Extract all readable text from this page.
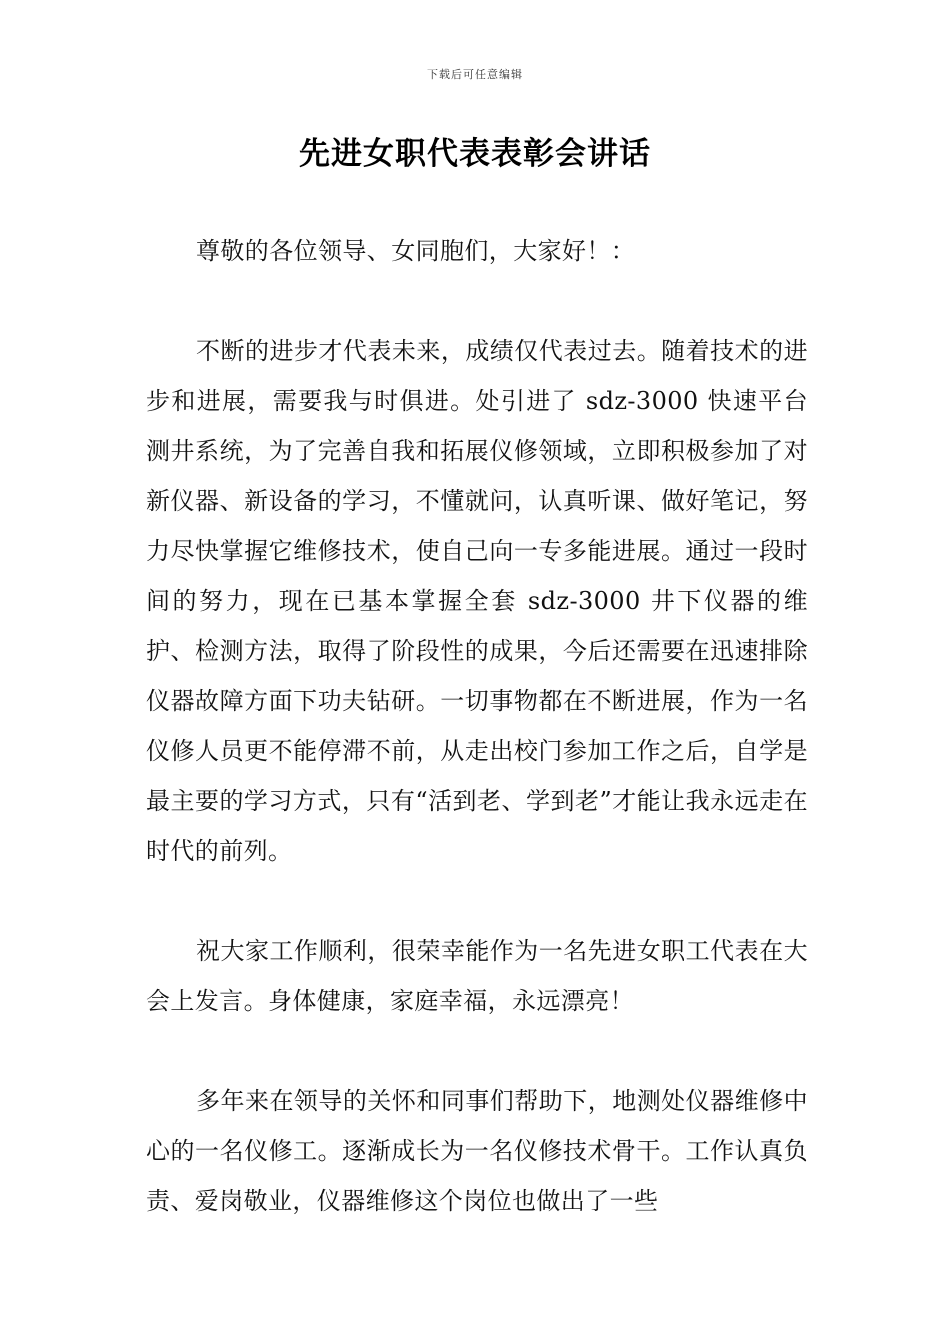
下载后可任意编辑
先进女职代表表彰会讲话

尊敬的各位领导、女同胞们，大家好！：

不断的进步才代表未来，成绩仅代表过去。随着技术的进步和进展，需要我与时俱进。处引进了 sdz-3000 快速平台测井系统，为了完善自我和拓展仪修领域，立即积极参加了对新仪器、新设备的学习，不懂就问，认真听课、做好笔记，努力尽快掌握它维修技术，使自己向一专多能进展。通过一段时间的努力，现在已基本掌握全套 sdz-3000 井下仪器的维护、检测方法，取得了阶段性的成果，今后还需要在迅速排除仪器故障方面下功夫钻研。一切事物都在不断进展，作为一名仪修人员更不能停滞不前，从走出校门参加工作之后，自学是最主要的学习方式，只有“活到老、学到老”才能让我永远走在时代的前列。

祝大家工作顺利，很荣幸能作为一名先进女职工代表在大会上发言。身体健康，家庭幸福，永远漂亮！

多年来在领导的关怀和同事们帮助下，地测处仪器维修中心的一名仪修工。逐渐成长为一名仪修技术骨干。工作认真负责、爱岗敬业，仪器维修这个岗位也做出了一些
